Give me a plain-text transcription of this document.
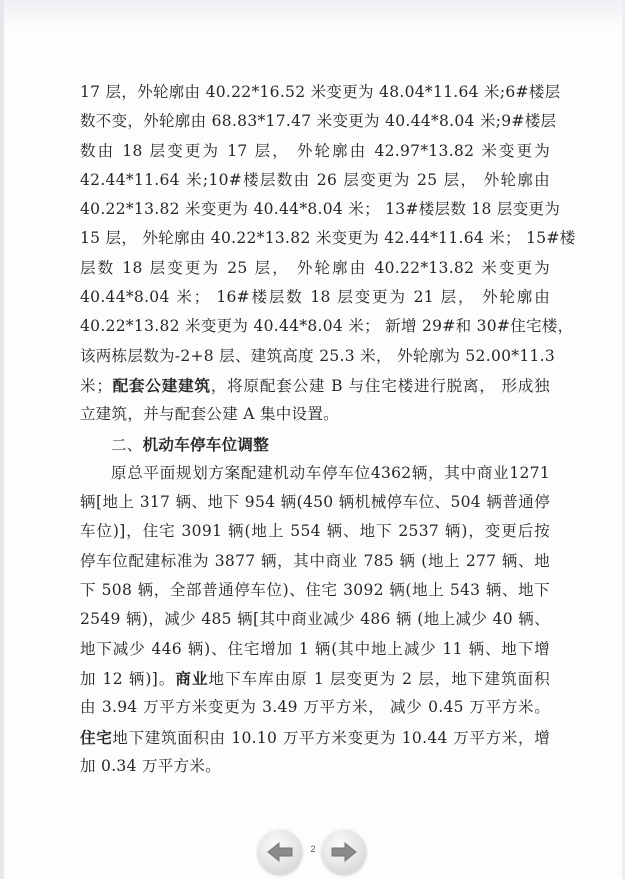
17 层，外轮廓由 40.22*16.52 米变更为 48.04*11.64 米;6#楼层
数不变，外轮廓由 68.83*17.47 米变更为 40.44*8.04 米;9#楼层
数由 18 层变更为 17 层， 外轮廓由 42.97*13.82 米变更为
42.44*11.64 米;10#楼层数由 26 层变更为 25 层， 外轮廓由
40.22*13.82 米变更为 40.44*8.04 米； 13#楼层数 18 层变更为
15 层， 外轮廓由 40.22*13.82 米变更为 42.44*11.64 米； 15#楼
层数 18 层变更为 25 层， 外轮廓由 40.22*13.82 米变更为
40.44*8.04 米； 16#楼层数 18 层变更为 21 层， 外轮廓由
40.22*13.82 米变更为 40.44*8.04 米； 新增 29#和 30#住宅楼，
该两栋层数为-2+8 层、建筑高度 25.3 米， 外轮廓为 52.00*11.3
米；配套公建建筑，将原配套公建 B 与住宅楼进行脱离， 形成独
立建筑，并与配套公建 A 集中设置。
二、机动车停车位调整
原总平面规划方案配建机动车停车位4362辆，其中商业1271
辆[地上 317 辆、地下 954 辆(450 辆机械停车位、504 辆普通停
车位)]，住宅 3091 辆(地上 554 辆、地下 2537 辆)，变更后按
停车位配建标准为 3877 辆，其中商业 785 辆 (地上 277 辆、地
下 508 辆，全部普通停车位)、住宅 3092 辆(地上 543 辆、地下
2549 辆)，减少 485 辆[其中商业减少 486 辆 (地上减少 40 辆、
地下减少 446 辆)、住宅增加 1 辆(其中地上减少 11 辆、地下增
加 12 辆)]。商业地下车库由原 1 层变更为 2 层，地下建筑面积
由 3.94 万平方米变更为 3.49 万平方米， 减少 0.45 万平方米。
住宅地下建筑面积由 10.10 万平方米变更为 10.44 万平方米，增
加 0.34 万平方米。
2
